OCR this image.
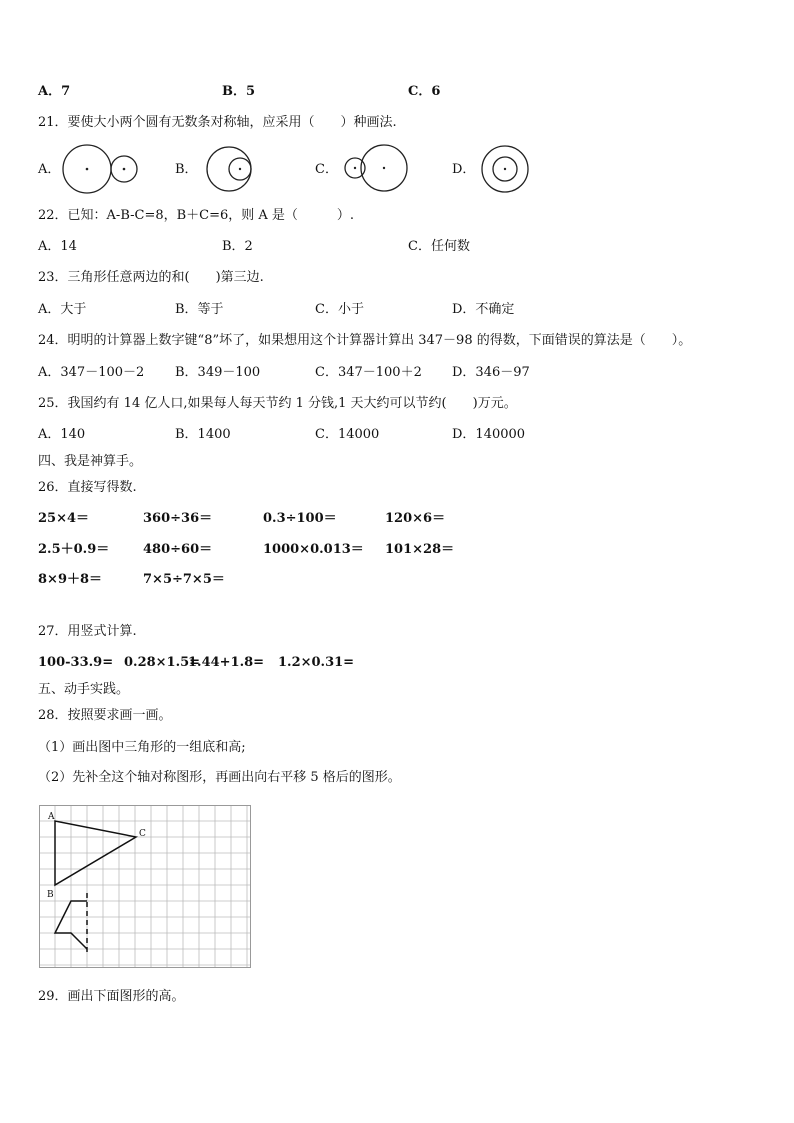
A．7	B．5	C．6
21．要使大小两个圆有无数条对称轴，应采用（　　）种画法.
A．	B．	C．	D．
22．已知：A-B-C=8，B＋C=6，则 A 是（　　　）.
A．14	B．2	C．任何数
23．三角形任意两边的和(　　)第三边.
A．大于	B．等于	C．小于	D．不确定
24．明明的计算器上数字键“8”坏了，如果想用这个计算器计算出 347－98 的得数，下面错误的算法是（　　）。
A．347－100－2 B．349－100	C．347－100＋2 D．346－97
25．我国约有 14 亿人口,如果每人每天节约 1 分钱,1 天大约可以节约(　　)万元。
A．140	B．1400	C．14000	D．140000
四、我是神算手。
26．直接写得数.
25×4＝	360÷36＝	0.3÷100＝	120×6＝
2.5＋0.9＝	480÷60＝	1000×0.013＝ 101×28＝
8×9＋8＝	7×5÷7×5＝
27．用竖式计算.
100-33.9= 0.28×1.5=
1.44+1.8= 1.2×0.31=
五、动手实践。
28．按照要求画一画。
（1）画出图中三角形的一组底和高;
（2）先补全这个轴对称图形，再画出向右平移 5 格后的图形。
A
B
C
29．画出下面图形的高。
